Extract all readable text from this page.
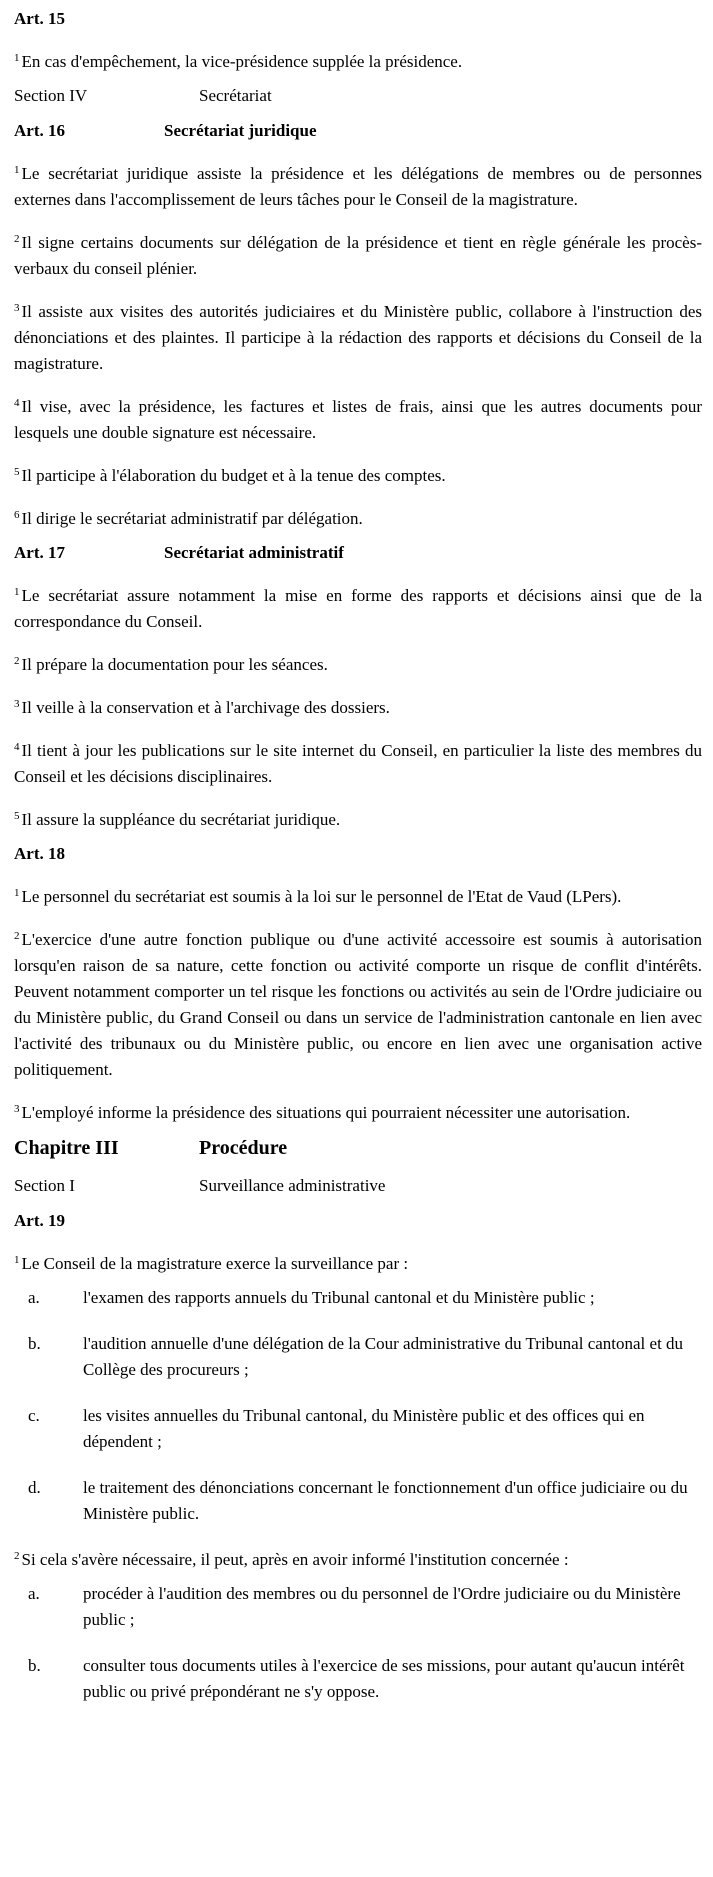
Art. 15

$^1$ En cas d'empêchement, la vice-présidence supplée la présidence.

Section IV	Secrétariat
Art. 16	Secrétariat juridique

$^1$ Le secrétariat juridique assiste la présidence et les délégations de membres ou de personnes externes dans l'accomplissement de leurs tâches pour le Conseil de la magistrature.

$^2$ Il signe certains documents sur délégation de la présidence et tient en règle générale les procès-verbaux du conseil plénier.

$^3$ Il assiste aux visites des autorités judiciaires et du Ministère public, collabore à l'instruction des dénonciations et des plaintes. Il participe à la rédaction des rapports et décisions du Conseil de la magistrature.

$^4$ Il vise, avec la présidence, les factures et listes de frais, ainsi que les autres documents pour lesquels une double signature est nécessaire.

$^5$ Il participe à l'élaboration du budget et à la tenue des comptes.

$^6$ Il dirige le secrétariat administratif par délégation.

Art. 17	Secrétariat administratif

$^1$ Le secrétariat assure notamment la mise en forme des rapports et décisions ainsi que de la correspondance du Conseil.

$^2$ Il prépare la documentation pour les séances.

$^3$ Il veille à la conservation et à l'archivage des dossiers.

$^4$ Il tient à jour les publications sur le site internet du Conseil, en particulier la liste des membres du Conseil et les décisions disciplinaires.

$^5$ Il assure la suppléance du secrétariat juridique.

Art. 18

$^1$ Le personnel du secrétariat est soumis à la loi sur le personnel de l'Etat de Vaud (LPers).

$^2$ L'exercice d'une autre fonction publique ou d'une activité accessoire est soumis à autorisation lorsqu'en raison de sa nature, cette fonction ou activité comporte un risque de conflit d'intérêts. Peuvent notamment comporter un tel risque les fonctions ou activités au sein de l'Ordre judiciaire ou du Ministère public, du Grand Conseil ou dans un service de l'administration cantonale en lien avec l'activité des tribunaux ou du Ministère public, ou encore en lien avec une organisation active politiquement.

$^3$ L'employé informe la présidence des situations qui pourraient nécessiter une autorisation.

Chapitre III	Procédure
Section I	Surveillance administrative
Art. 19

$^1$ Le Conseil de la magistrature exerce la surveillance par :

a.	l'examen des rapports annuels du Tribunal cantonal et du Ministère public ;
b.	l'audition annuelle d'une délégation de la Cour administrative du Tribunal cantonal et du Collège des procureurs ;
c.	les visites annuelles du Tribunal cantonal, du Ministère public et des offices qui en dépendent ;
d.	le traitement des dénonciations concernant le fonctionnement d'un office judiciaire ou du Ministère public.

$^2$ Si cela s'avère nécessaire, il peut, après en avoir informé l'institution concernée :

a.	procéder à l'audition des membres ou du personnel de l'Ordre judiciaire ou du Ministère public ;
b.	consulter tous documents utiles à l'exercice de ses missions, pour autant qu'aucun intérêt public ou privé prépondérant ne s'y oppose.
